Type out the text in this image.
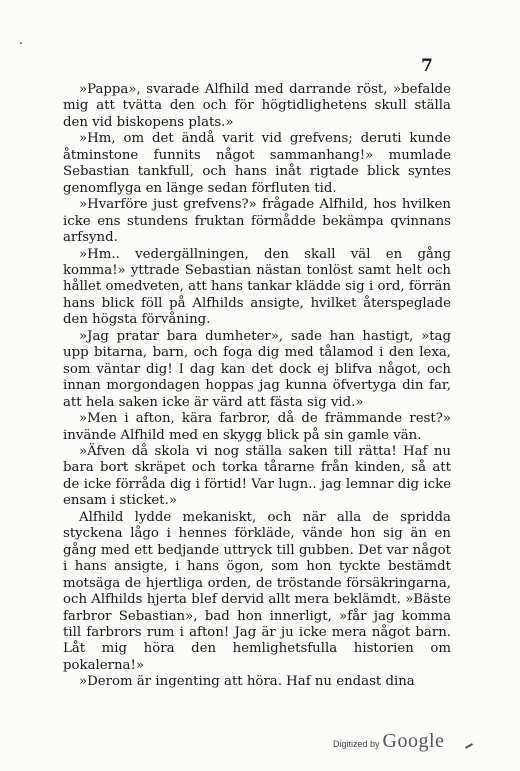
7

»Pappa», svarade Alfhild med darrande röst, »befalde mig att tvätta den och för högtidlighetens skull ställa den vid biskopens plats.»

»Hm, om det ändå varit vid grefvens; deruti kunde åtminstone funnits något sammanhang!» mumlade Sebastian tankfull, och hans inåt rigtade blick syntes genomflyga en länge sedan förfluten tid.

»Hvarföre just grefvens?» frågade Alfhild, hos hvilken icke ens stundens fruktan förmådde bekämpa qvinnans arfsynd.

»Hm.. vedergällningen, den skall väl en gång komma!» yttrade Sebastian nästan tonlöst samt helt och hållet omedveten, att hans tankar klädde sig i ord, förrän hans blick föll på Alfhilds ansigte, hvilket återspeglade den högsta förvåning.

»Jag pratar bara dumheter», sade han hastigt, »tag upp bitarna, barn, och foga dig med tålamod i den lexa, som väntar dig! I dag kan det dock ej blifva något, och innan morgondagen hoppas jag kunna öfvertyga din far, att hela saken icke är värd att fästa sig vid.»

»Men i afton, kära farbror, då de främmande rest?» invände Alfhild med en skygg blick på sin gamle vän.

»Äfven då skola vi nog ställa saken till rätta! Haf nu bara bort skräpet och torka tårarne från kinden, så att de icke förråda dig i förtid! Var lugn.. jag lemnar dig icke ensam i sticket.»

Alfhild lydde mekaniskt, och när alla de spridda styckena lågo i hennes förkläde, vände hon sig än en gång med ett bedjande uttryck till gubben. Det var något i hans ansigte, i hans ögon, som hon tyckte bestämdt motsäga de hjertliga orden, de tröstande försäkringarna, och Alfhilds hjerta blef dervid allt mera beklämdt. »Bäste farbror Sebastian», bad hon innerligt, »får jag komma till farbrors rum i afton! Jag är ju icke mera något barn. Låt mig höra den hemlighetsfulla historien om pokalerna!»

»Derom är ingenting att höra. Haf nu endast dina

Digitized by Google
